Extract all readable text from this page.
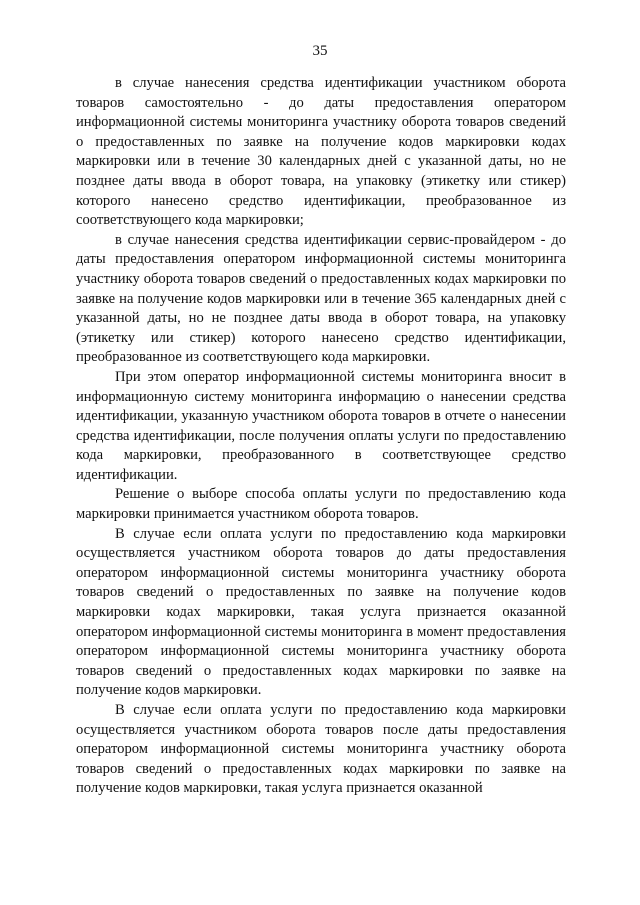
35

в случае нанесения средства идентификации участником оборота товаров самостоятельно - до даты предоставления оператором информационной системы мониторинга участнику оборота товаров сведений о предоставленных по заявке на получение кодов маркировки кодах маркировки или в течение 30 календарных дней с указанной даты, но не позднее даты ввода в оборот товара, на упаковку (этикетку или стикер) которого нанесено средство идентификации, преобразованное из соответствующего кода маркировки;

в случае нанесения средства идентификации сервис-провайдером - до даты предоставления оператором информационной системы мониторинга участнику оборота товаров сведений о предоставленных кодах маркировки по заявке на получение кодов маркировки или в течение 365 календарных дней с указанной даты, но не позднее даты ввода в оборот товара, на упаковку (этикетку или стикер) которого нанесено средство идентификации, преобразованное из соответствующего кода маркировки.

При этом оператор информационной системы мониторинга вносит в информационную систему мониторинга информацию о нанесении средства идентификации, указанную участником оборота товаров в отчете о нанесении средства идентификации, после получения оплаты услуги по предоставлению кода маркировки, преобразованного в соответствующее средство идентификации.

Решение о выборе способа оплаты услуги по предоставлению кода маркировки принимается участником оборота товаров.

В случае если оплата услуги по предоставлению кода маркировки осуществляется участником оборота товаров до даты предоставления оператором информационной системы мониторинга участнику оборота товаров сведений о предоставленных по заявке на получение кодов маркировки кодах маркировки, такая услуга признается оказанной оператором информационной системы мониторинга в момент предоставления оператором информационной системы мониторинга участнику оборота товаров сведений о предоставленных кодах маркировки по заявке на получение кодов маркировки.

В случае если оплата услуги по предоставлению кода маркировки осуществляется участником оборота товаров после даты предоставления оператором информационной системы мониторинга участнику оборота товаров сведений о предоставленных кодах маркировки по заявке на получение кодов маркировки, такая услуга признается оказанной
